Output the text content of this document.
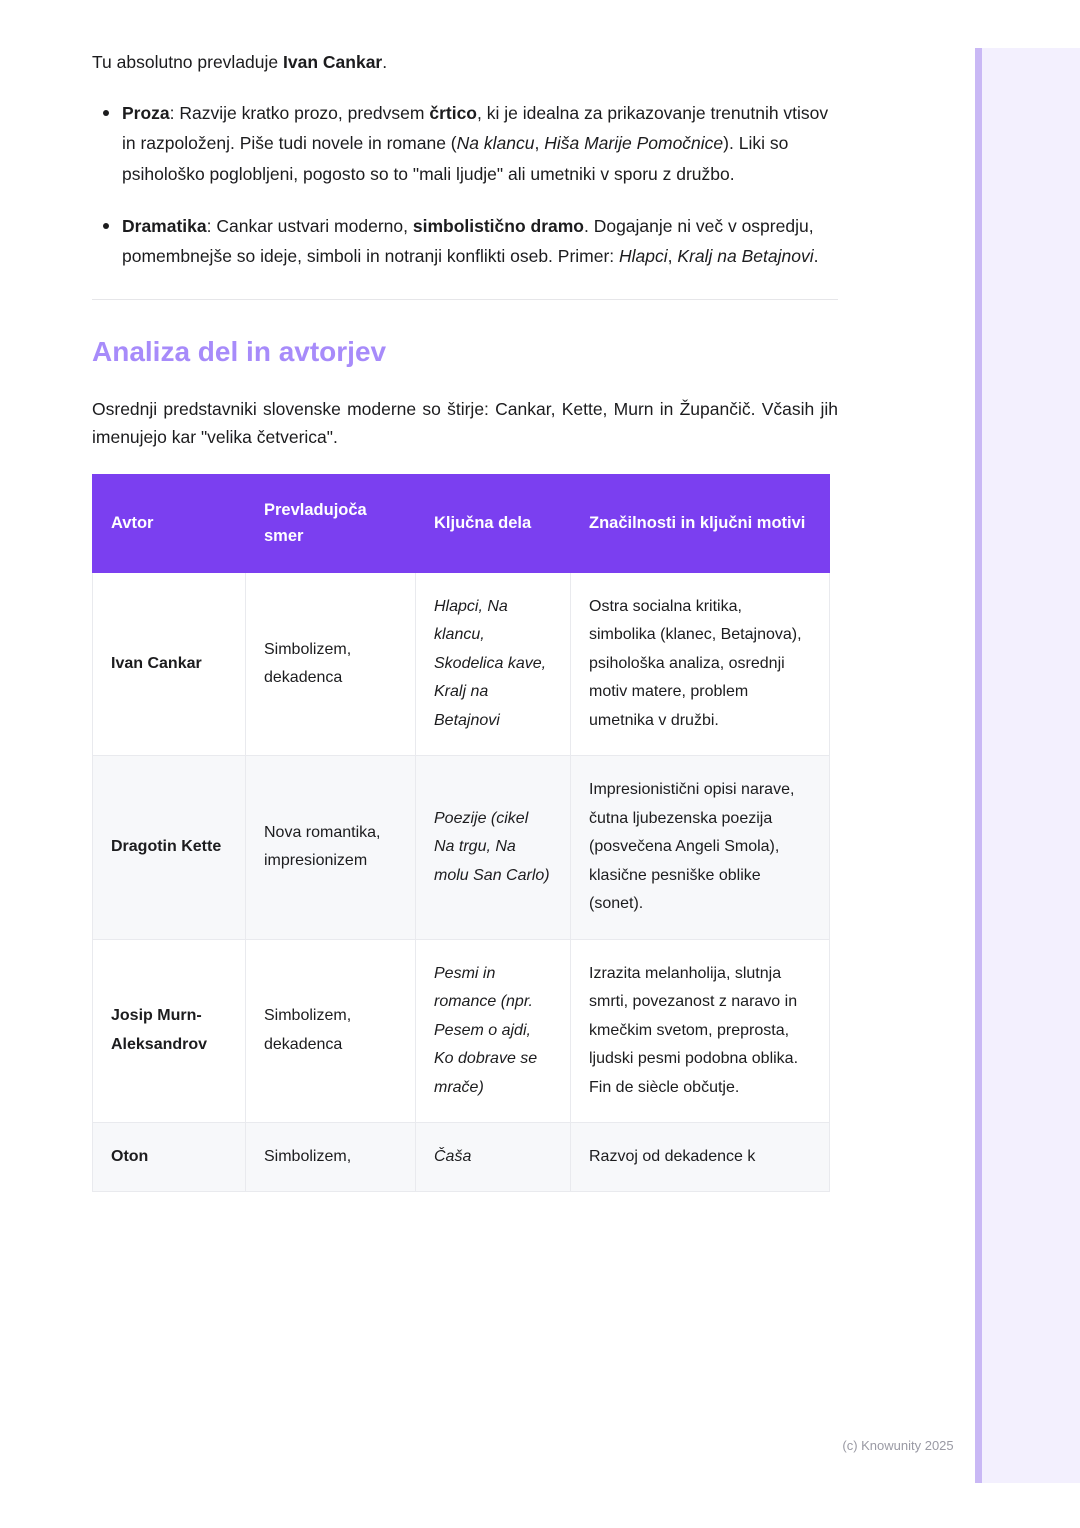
Tu absolutno prevladuje Ivan Cankar.

Proza: Razvije kratko prozo, predvsem črtico, ki je idealna za prikazovanje trenutnih vtisov in razpoloženj. Piše tudi novele in romane (Na klancu, Hiša Marije Pomočnice). Liki so psihološko poglobljeni, pogosto so to "mali ljudje" ali umetniki v sporu z družbo.
Dramatika: Cankar ustvari moderno, simbolistično dramo. Dogajanje ni več v ospredju, pomembnejše so ideje, simboli in notranji konflikti oseb. Primer: Hlapci, Kralj na Betajnovi.
Analiza del in avtorjev

Osrednji predstavniki slovenske moderne so štirje: Cankar, Kette, Murn in Župančič. Včasih jih imenujejo kar "velika četverica".

Avtor	Prevladujoča smer	Ključna dela	Značilnosti in ključni motivi
Ivan Cankar	Simbolizem, dekadenca	Hlapci, Na klancu, Skodelica kave, Kralj na Betajnovi	Ostra socialna kritika, simbolika (klanec, Betajnova), psihološka analiza, osrednji motiv matere, problem umetnika v družbi.
Dragotin Kette	Nova romantika, impresionizem	Poezije (cikel Na trgu, Na molu San Carlo)	Impresionistični opisi narave, čutna ljubezenska poezija (posvečena Angeli Smola), klasične pesniške oblike (sonet).
Josip Murn-Aleksandrov	Simbolizem, dekadenca	Pesmi in romance (npr. Pesem o ajdi, Ko dobrave se mrače)	Izrazita melanholija, slutnja smrti, povezanost z naravo in kmečkim svetom, preprosta, ljudski pesmi podobna oblika. Fin de siècle občutje.
Oton	Simbolizem,	Čaša	Razvoj od dekadence k
(c) Knowunity 2025
